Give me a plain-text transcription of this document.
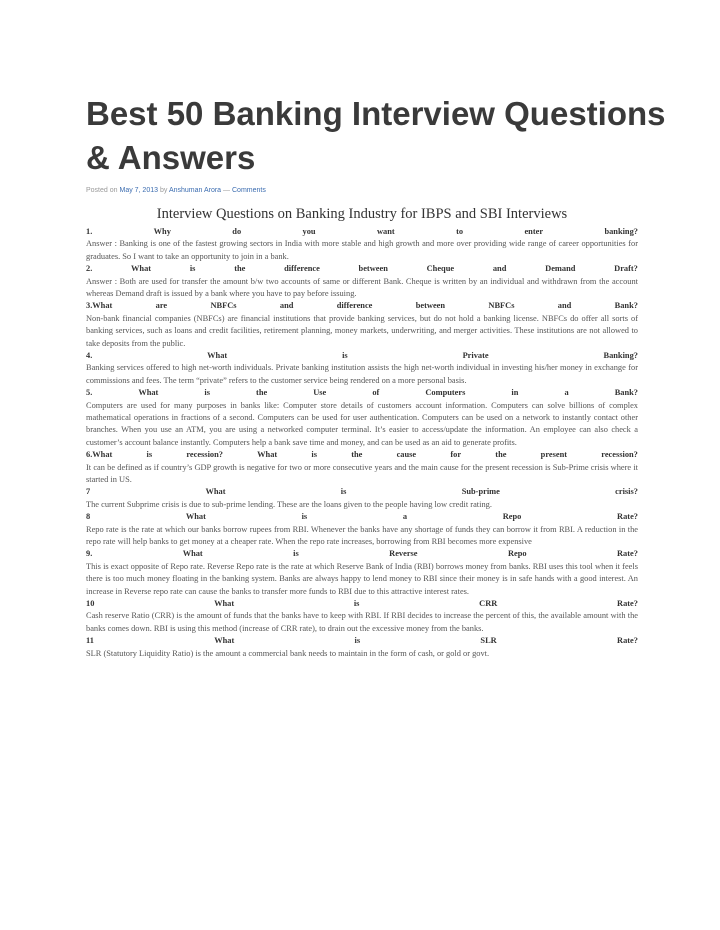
Best 50 Banking Interview Questions & Answers
Posted on May 7, 2013 by Anshuman Arora — Comments
Interview Questions on Banking Industry for IBPS and SBI Interviews
1.	Why	do	you	want	to	enter	banking?

Answer : Banking is one of the fastest growing sectors in India with more stable and high growth and more over providing wide range of career opportunities for graduates. So I want to take an opportunity to join in a bank.

2.	What	is	the	difference	between	Cheque	and	Demand	Draft?

Answer : Both are used for transfer the amount b/w two accounts of same or different Bank. Cheque is written by an individual and withdrawn from the account whereas Demand draft is issued by a bank where you have to pay before issuing.

3.What	are	NBFCs	and	difference	between	NBFCs	and	Bank?

Non-bank financial companies (NBFCs) are financial institutions that provide banking services, but do not hold a banking license. NBFCs do offer all sorts of banking services, such as loans and credit facilities, retirement planning, money markets, underwriting, and merger activities. These institutions are not allowed to take deposits from the public.

4.	What	is	Private	Banking?

Banking services offered to high net-worth individuals. Private banking institution assists the high net-worth individual in investing his/her money in exchange for commissions and fees. The term “private” refers to the customer service being rendered on a more personal basis.

5.	What	is	the	Use	of	Computers	in	a	Bank?

Computers are used for many purposes in banks like: Computer store details of customers account information. Computers can solve billions of complex mathematical operations in fractions of a second. Computers can be used for user authentication. Computers can be used on a network to instantly contact other branches. When you use an ATM, you are using a networked computer terminal. It’s easier to access/update the information. An employee can also check a customer’s account balance instantly. Computers help a bank save time and money, and can be used as an aid to generate profits.

6.What	is	recession?	What	is	the	cause	for	the	present	recession?

It can be defined as if country’s GDP growth is negative for two or more consecutive years and the main cause for the present recession is Sub-Prime crisis where it started in US.

7	What	is	Sub-prime	crisis?

The current Subprime crisis is due to sub-prime lending. These are the loans given to the people having low credit rating.

8	What	is	a	Repo	Rate?

Repo rate is the rate at which our banks borrow rupees from RBI. Whenever the banks have any shortage of funds they can borrow it from RBI. A reduction in the repo rate will help banks to get money at a cheaper rate. When the repo rate increases, borrowing from RBI becomes more expensive

9.	What	is	Reverse	Repo	Rate?

This is exact opposite of Repo rate. Reverse Repo rate is the rate at which Reserve Bank of India (RBI) borrows money from banks. RBI uses this tool when it feels there is too much money floating in the banking system. Banks are always happy to lend money to RBI since their money is in safe hands with a good interest. An increase in Reverse repo rate can cause the banks to transfer more funds to RBI due to this attractive interest rates.

10	What	is	CRR	Rate?

Cash reserve Ratio (CRR) is the amount of funds that the banks have to keep with RBI. If RBI decides to increase the percent of this, the available amount with the banks comes down. RBI is using this method (increase of CRR rate), to drain out the excessive money from the banks.

11	What	is	SLR	Rate?

SLR (Statutory Liquidity Ratio) is the amount a commercial bank needs to maintain in the form of cash, or gold or govt.
